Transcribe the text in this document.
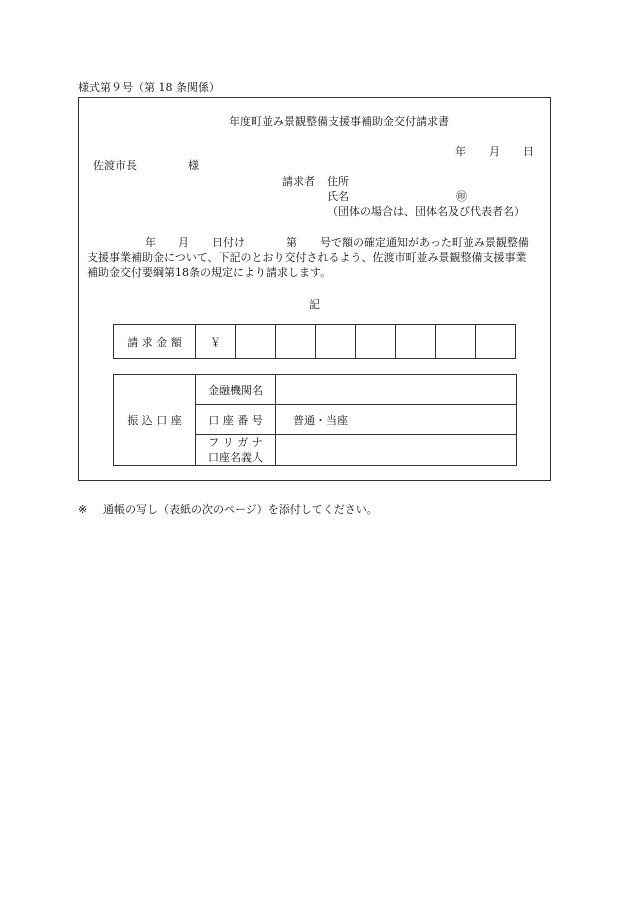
様式第９号（第 18 条関係）
年度町並み景観整備支援事補助金交付請求書
年 月 日
佐渡市長	様
請求者 住所
氏名	㊞
（団体の場合は、団体名及び代表者名）
年 月 日付け	第 号で額の確定通知があった町並み景観整備
支援事業補助金について、下記のとおり交付されるよう、佐渡市町並み景観整備支援事業
補助金交付要綱第18条の規定により請求します。
記
請 求 金 額	￥							
振 込 口 座	金融機関名	
	口 座 番 号	普通・当座

	フ リ ガ ナ
口座名義人	

※ 通帳の写し（表紙の次のページ）を添付してください。
